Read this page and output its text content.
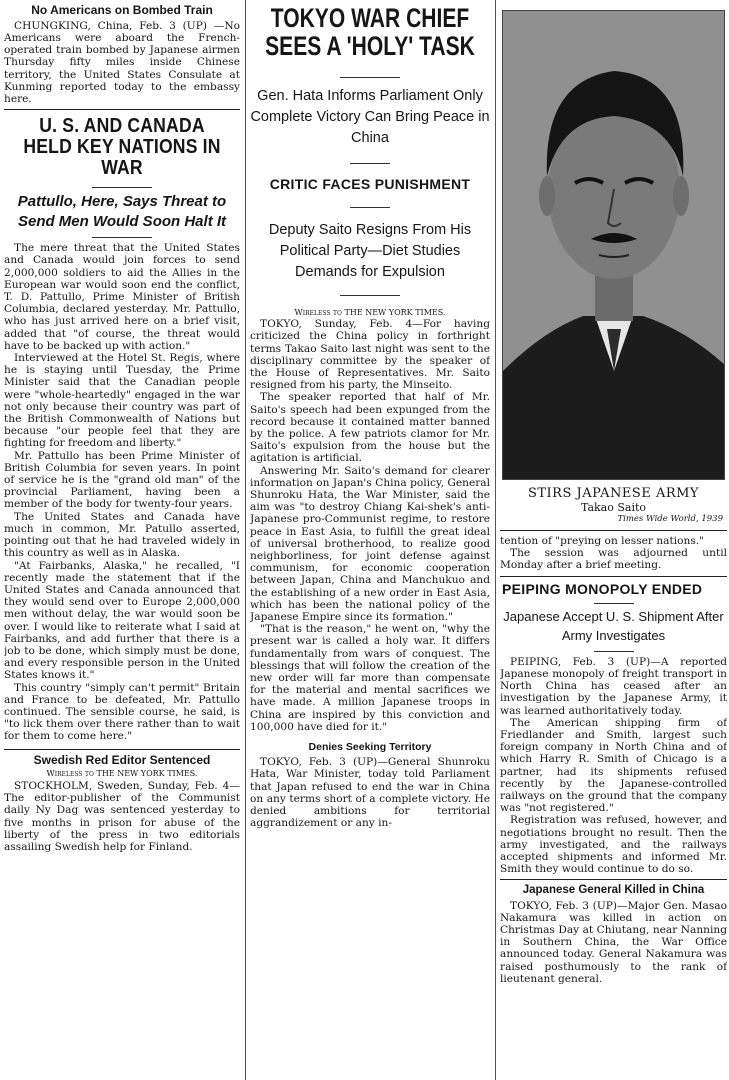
No Americans on Bombed Train

CHUNGKING, China, Feb. 3 (UP) —No Americans were aboard the French-operated train bombed by Japanese airmen Thursday fifty miles inside Chinese territory, the United States Consulate at Kunming reported today to the embassy here.

U. S. AND CANADA HELD KEY NATIONS IN WAR
Pattullo, Here, Says Threat to Send Men Would Soon Halt It

The mere threat that the United States and Canada would join forces to send 2,000,000 soldiers to aid the Allies in the European war would soon end the conflict, T. D. Pattullo, Prime Minister of British Columbia, declared yesterday. Mr. Pattullo, who has just arrived here on a brief visit, added that "of course, the threat would have to be backed up with action."

Interviewed at the Hotel St. Regis, where he is staying until Tuesday, the Prime Minister said that the Canadian people were "whole-heartedly" engaged in the war not only because their country was part of the British Commonwealth of Nations but because "our people feel that they are fighting for freedom and liberty."

Mr. Pattullo has been Prime Minister of British Columbia for seven years. In point of service he is the "grand old man" of the provincial Parliament, having been a member of the body for twenty-four years.

The United States and Canada have much in common, Mr. Patullo asserted, pointing out that he had traveled widely in this country as well as in Alaska.

"At Fairbanks, Alaska," he recalled, "I recently made the statement that if the United States and Canada announced that they would send over to Europe 2,000,000 men without delay, the war would soon be over. I would like to reiterate what I said at Fairbanks, and add further that there is a job to be done, which simply must be done, and every responsible person in the United States knows it."

This country "simply can't permit" Britain and France to be defeated, Mr. Pattullo continued. The sensible course, he said, is "to lick them over there rather than to wait for them to come here."

Swedish Red Editor Sentenced
Wireless to THE NEW YORK TIMES.

STOCKHOLM, Sweden, Sunday, Feb. 4—The editor-publisher of the Communist daily Ny Dag was sentenced yesterday to five months in prison for abuse of the liberty of the press in two editorials assailing Swedish help for Finland.

TOKYO WAR CHIEF
SEES A 'HOLY' TASK
Gen. Hata Informs Parliament Only Complete Victory Can Bring Peace in China
CRITIC FACES PUNISHMENT
Deputy Saito Resigns From His Political Party—Diet Studies Demands for Expulsion
Wireless to THE NEW YORK TIMES.

TOKYO, Sunday, Feb. 4—For having criticized the China policy in forthright terms Takao Saito last night was sent to the disciplinary committee by the speaker of the House of Representatives. Mr. Saito resigned from his party, the Minseito.

The speaker reported that half of Mr. Saito's speech had been expunged from the record because it contained matter banned by the police. A few patriots clamor for Mr. Saito's expulsion from the house but the agitation is artificial.

Answering Mr. Saito's demand for clearer information on Japan's China policy, General Shunroku Hata, the War Minister, said the aim was "to destroy Chiang Kai-shek's anti-Japanese pro-Communist regime, to restore peace in East Asia, to fulfill the great ideal of universal brotherhood, to realize good neighborliness, for joint defense against communism, for economic cooperation between Japan, China and Manchukuo and the establishing of a new order in East Asia, which has been the national policy of the Japanese Empire since its formation."

"That is the reason," he went on, "why the present war is called a holy war. It differs fundamentally from wars of conquest. The blessings that will follow the creation of the new order will far more than compensate for the material and mental sacrifices we have made. A million Japanese troops in China are inspired by this conviction and 100,000 have died for it."

Denies Seeking Territory

TOKYO, Feb. 3 (UP)—General Shunroku Hata, War Minister, today told Parliament that Japan refused to end the war in China on any terms short of a complete victory. He denied ambitions for territorial aggrandizement or any in-

STIRS JAPANESE ARMY
Takao Saito
Times Wide World, 1939

tention of "preying on lesser nations."

The session was adjourned until Monday after a brief meeting.

PEIPING MONOPOLY ENDED
Japanese Accept U. S. Shipment After Army Investigates

PEIPING, Feb. 3 (UP)—A reported Japanese monopoly of freight transport in North China has ceased after an investigation by the Japanese Army, it was learned authoritatively today.

The American shipping firm of Friedlander and Smith, largest such foreign company in North China and of which Harry R. Smith of Chicago is a partner, had its shipments refused recently by the Japanese-controlled railways on the ground that the company was "not registered."

Registration was refused, however, and negotiations brought no result. Then the army investigated, and the railways accepted shipments and informed Mr. Smith they would continue to do so.

Japanese General Killed in China

TOKYO, Feb. 3 (UP)—Major Gen. Masao Nakamura was killed in action on Christmas Day at Chiutang, near Nanning in Southern China, the War Office announced today. General Nakamura was raised posthumously to the rank of lieutenant general.
